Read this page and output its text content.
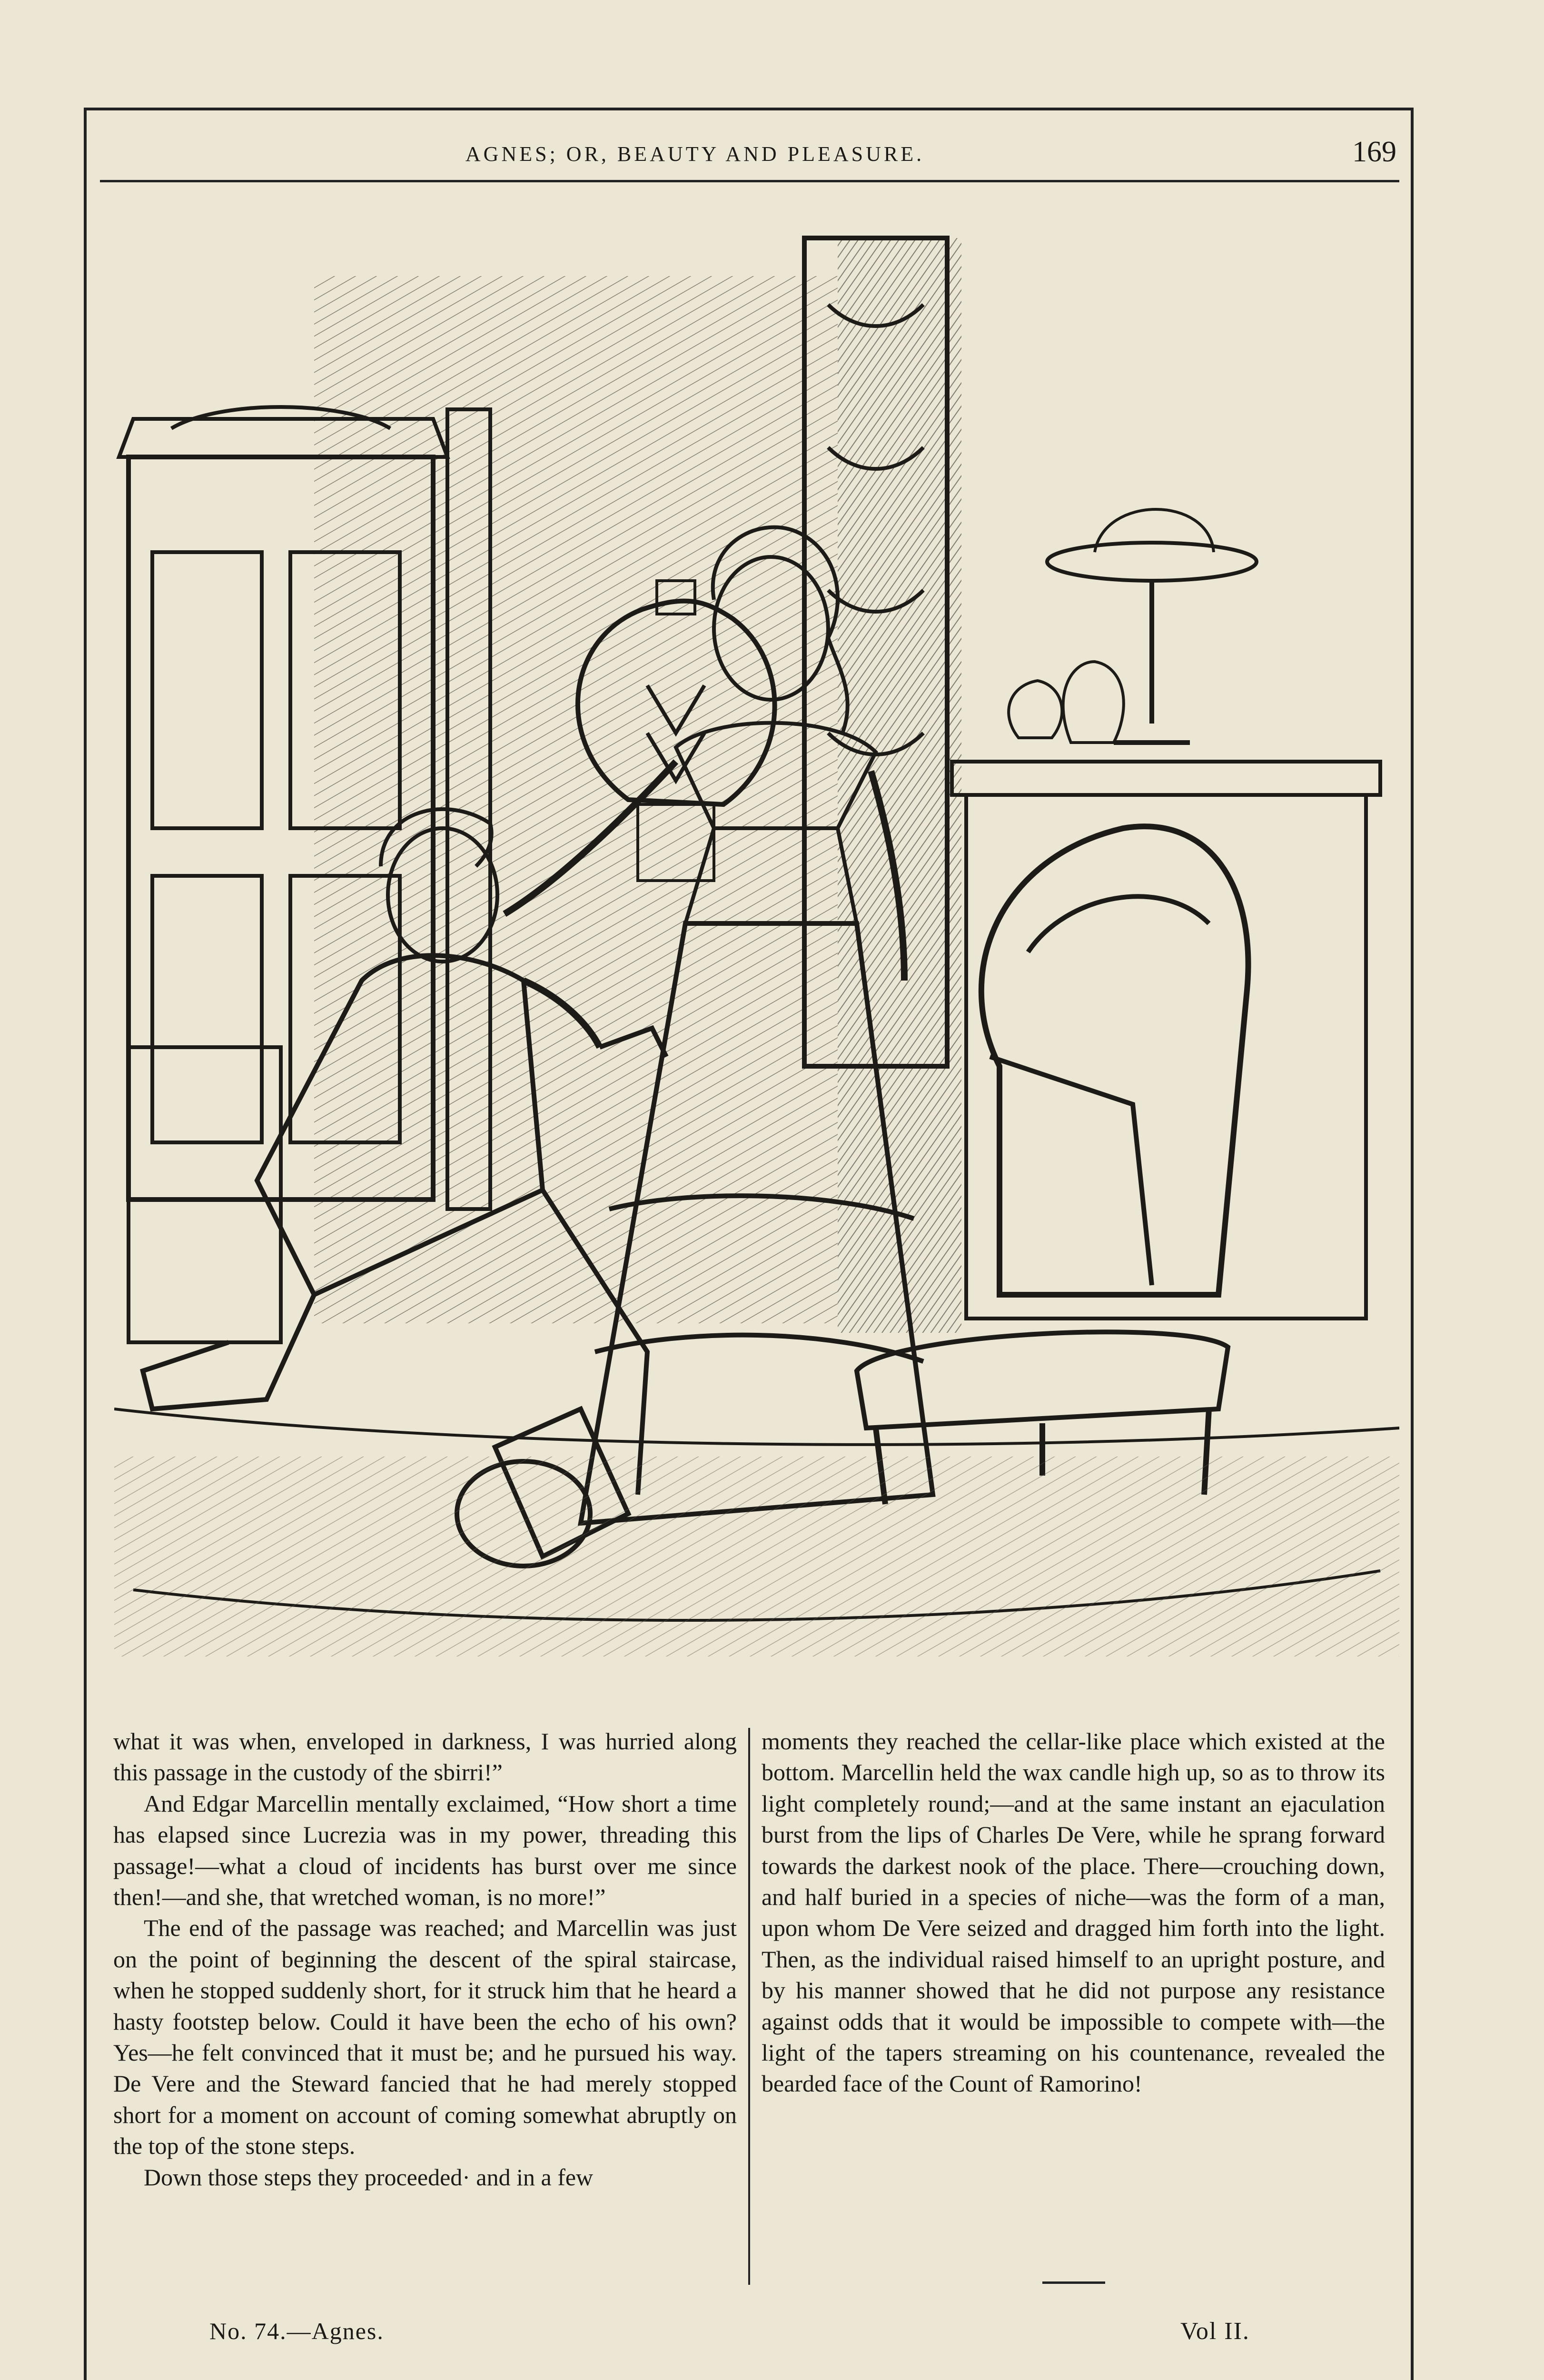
AGNES; OR, BEAUTY AND PLEASURE.	169

what it was when, enveloped in darkness, I was hurried along this passage in the custody of the sbirri!”

And Edgar Marcellin mentally exclaimed, “How short a time has elapsed since Lucrezia was in my power, threading this passage!—what a cloud of incidents has burst over me since then!—and she, that wretched woman, is no more!”

The end of the passage was reached; and Marcellin was just on the point of beginning the descent of the spiral staircase, when he stopped suddenly short, for it struck him that he heard a hasty footstep below. Could it have been the echo of his own? Yes—he felt convinced that it must be; and he pursued his way. De Vere and the Steward fancied that he had merely stopped short for a moment on account of coming somewhat abruptly on the top of the stone steps.

Down those steps they proceeded· and in a few

moments they reached the cellar-like place which existed at the bottom. Marcellin held the wax candle high up, so as to throw its light completely round;—and at the same instant an ejaculation burst from the lips of Charles De Vere, while he sprang forward towards the darkest nook of the place. There—crouching down, and half buried in a species of niche—was the form of a man, upon whom De Vere seized and dragged him forth into the light. Then, as the individual raised himself to an upright posture, and by his manner showed that he did not purpose any resistance against odds that it would be impossible to compete with—the light of the tapers streaming on his countenance, revealed the bearded face of the Count of Ramorino!

No. 74.—Agnes.	Vol II.
